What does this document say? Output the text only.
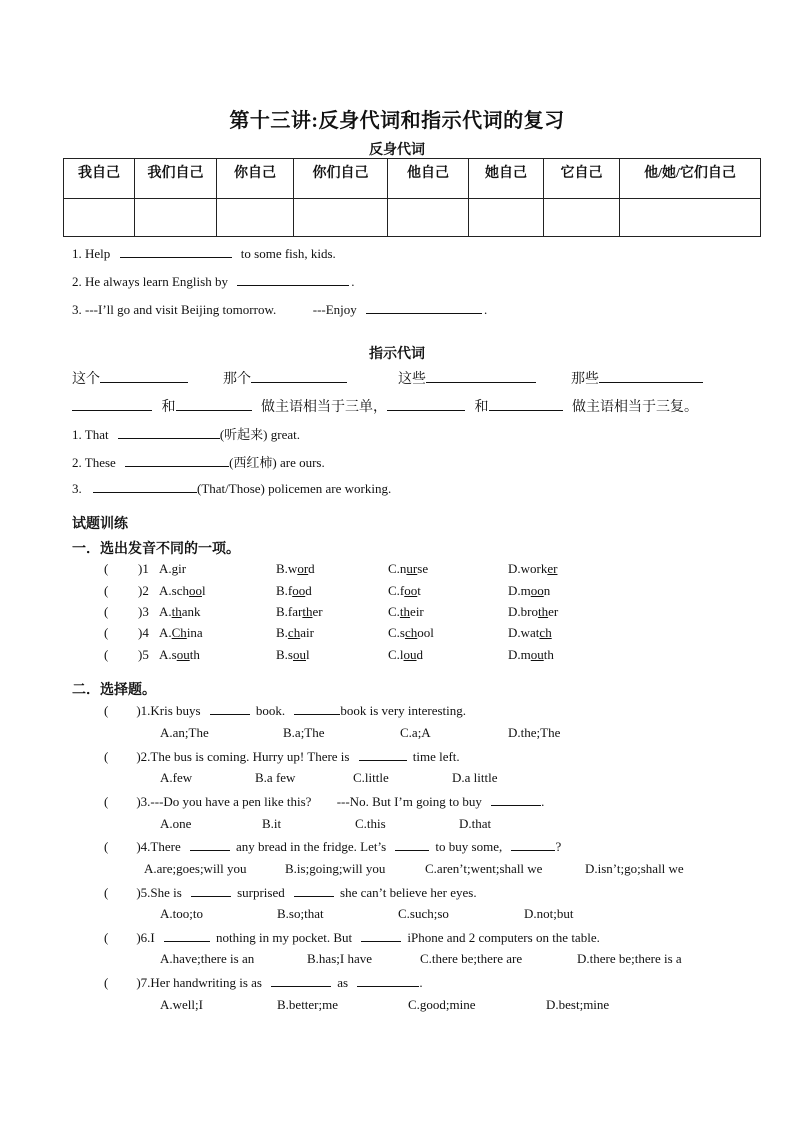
第十三讲:反身代词和指示代词的复习
反身代词
我自己	我们自己	你自己	你们自己	他自己	她自己	它自己	他/她/它们自己

1. Help	to some fish, kids.
2. He always learn English by	.
3. ---I’ll go and visit Beijing tomorrow.	---Enjoy	.
指示代词
这个	那个	这些	那些
和	做主语相当于三单，	和	做主语相当于三复。
1. That	(听起来) great.
2. These	(西红柿) are ours.
3.	(That/Those) policemen are working.
试题训练
一．选出发音不同的一项。
( )1 A.gir	B.word	C.nurse	D.worker
( )2 A.school	B.food	C.foot	D.moon
( )3 A.thank	B.farther	C.their	D.brother
( )4 A.China	B.chair	C.school	D.watch
( )5 A.south	B.soul	C.loud	D.mouth
二．选择题。
( )1.Kris buys	book.	book is very interesting.
A.an;The	B.a;The	C.a;A	D.the;The
( )2.The bus is coming. Hurry up! There is	time left.
A.few	B.a few	C.little	D.a little
( )3.---Do you have a pen like this? ---No. But I’m going to buy	.
A.one	B.it	C.this	D.that
( )4.There	any bread in the fridge. Let’s	to buy some,	?
A.are;goes;will you	B.is;going;will you	C.aren’t;went;shall we	D.isn’t;go;shall we
( )5.She is	surprised	she can’t believe her eyes.
A.too;to	B.so;that	C.such;so	D.not;but
( )6.I	nothing in my pocket. But	iPhone and 2 computers on the table.
A.have;there is an	B.has;I have	C.there be;there are	D.there be;there is a
( )7.Her handwriting is as	as	.
A.well;I	B.better;me	C.good;mine	D.best;mine
